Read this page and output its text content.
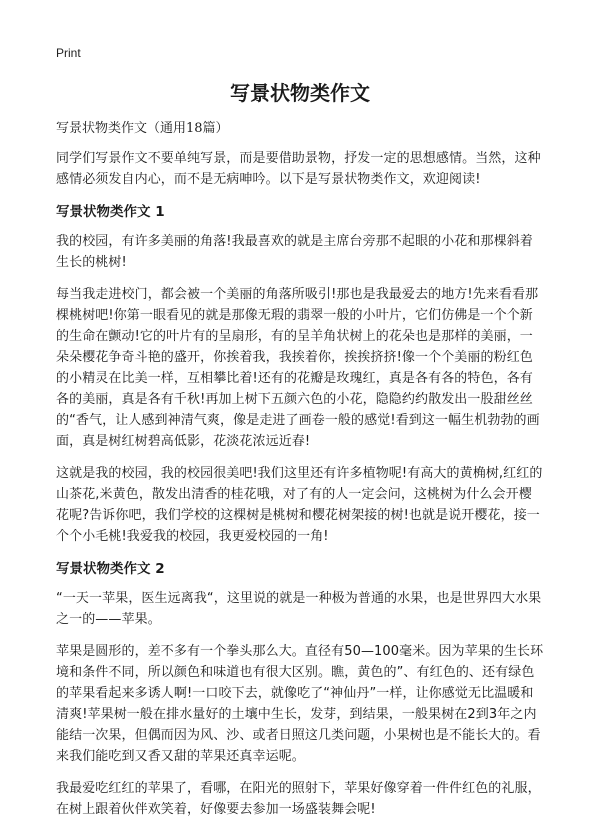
Print
写景状物类作文
写景状物类作文（通用18篇）

同学们写景作文不要单纯写景，而是要借助景物，抒发一定的思想感情。当然，这种感情必须发自内心，而不是无病呻吟。以下是写景状物类作文，欢迎阅读!

写景状物类作文 1

我的校园，有许多美丽的角落!我最喜欢的就是主席台旁那不起眼的小花和那棵斜着生长的桃树!

每当我走进校门，都会被一个美丽的角落所吸引!那也是我最爱去的地方!先来看看那棵桃树吧!你第一眼看见的就是那像无瑕的翡翠一般的小叶片，它们仿佛是一个个新的生命在颤动!它的叶片有的呈扇形，有的呈羊角状树上的花朵也是那样的美丽，一朵朵樱花争奇斗艳的盛开，你挨着我，我挨着你，挨挨挤挤!像一个个美丽的粉红色的小精灵在比美一样，互相攀比着!还有的花瓣是玫瑰红，真是各有各的特色，各有各的美丽，真是各有千秋!再加上树下五颜六色的小花，隐隐约约散发出一股甜丝丝的“香气，让人感到神清气爽，像是走进了画卷一般的感觉!看到这一幅生机勃勃的画面，真是树红树碧高低影，花淡花浓远近春!

这就是我的校园，我的校园很美吧!我们这里还有许多植物呢!有高大的黄桷树,红红的山茶花,米黄色，散发出清香的桂花哦，对了有的人一定会问，这桃树为什么会开樱花呢?告诉你吧，我们学校的这棵树是桃树和樱花树架接的树!也就是说开樱花，接一个个小毛桃!我爱我的校园，我更爱校园的一角!

写景状物类作文 2

“一天一苹果，医生远离我“，这里说的就是一种极为普通的水果，也是世界四大水果之一的——苹果。

苹果是圆形的，差不多有一个拳头那么大。直径有50—100毫米。因为苹果的生长环境和条件不同，所以颜色和味道也有很大区别。瞧，黄色的”、有红色的、还有绿色的苹果看起来多诱人啊!一口咬下去，就像吃了“神仙丹”一样，让你感觉无比温暖和清爽!苹果树一般在排水量好的土壤中生长，发芽，到结果，一般果树在2到3年之内能结一次果，但偶而因为风、沙、或者日照这几类问题，小果树也是不能长大的。看来我们能吃到又香又甜的苹果还真幸运呢。

我最爱吃红红的苹果了，看哪，在阳光的照射下，苹果好像穿着一件件红色的礼服，在树上跟着伙伴欢笑着，好像要去参加一场盛装舞会呢!
